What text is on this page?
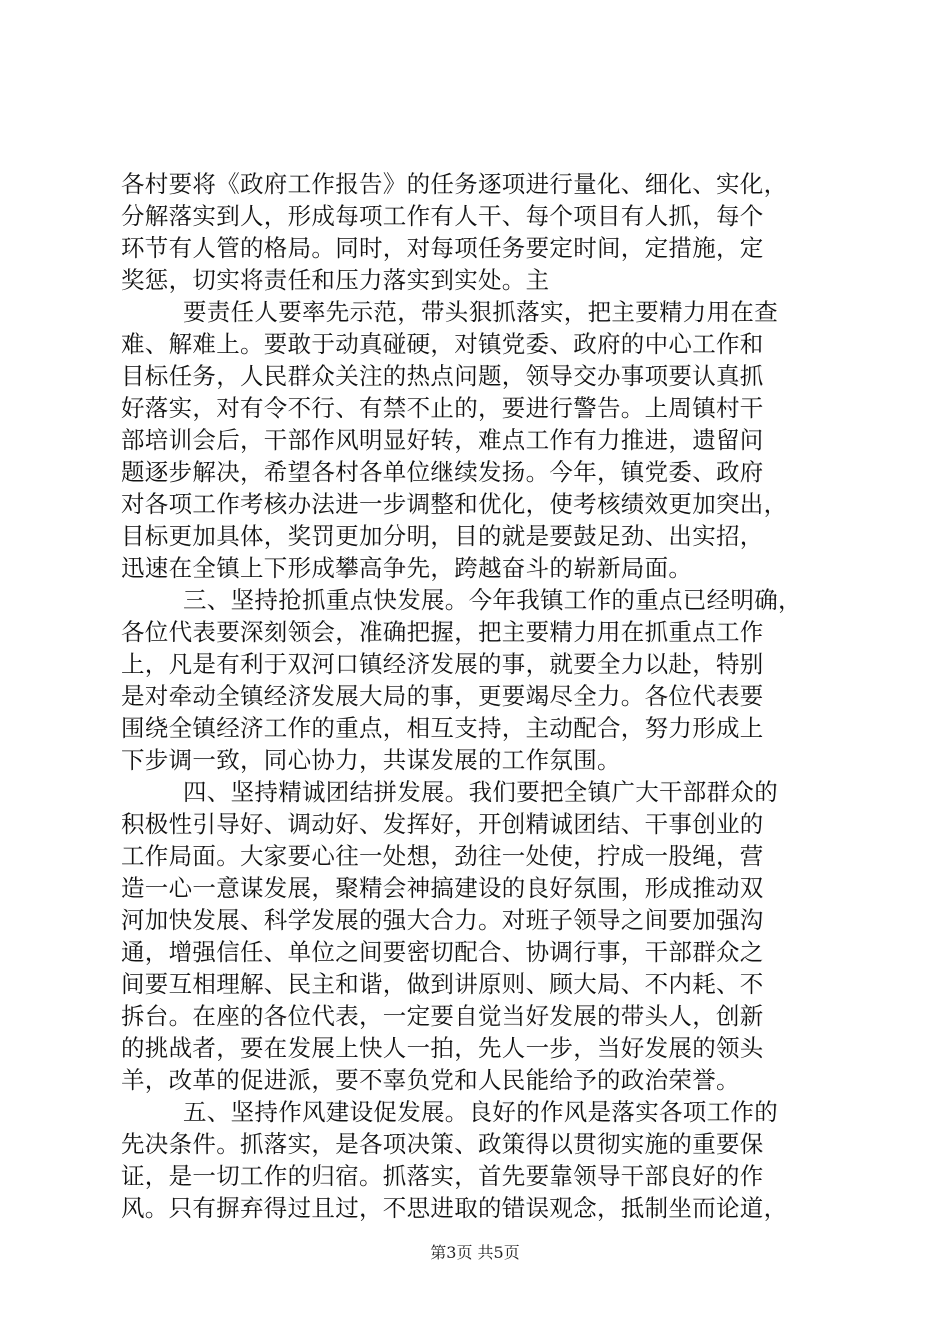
各村要将《政府工作报告》的任务逐项进行量化、细化、实化，
分解落实到人，形成每项工作有人干、每个项目有人抓，每个
环节有人管的格局。同时，对每项任务要定时间，定措施，定
奖惩，切实将责任和压力落实到实处。主
要责任人要率先示范，带头狠抓落实，把主要精力用在查
难、解难上。要敢于动真碰硬，对镇党委、政府的中心工作和
目标任务，人民群众关注的热点问题，领导交办事项要认真抓
好落实，对有令不行、有禁不止的，要进行警告。上周镇村干
部培训会后，干部作风明显好转，难点工作有力推进，遗留问
题逐步解决，希望各村各单位继续发扬。今年，镇党委、政府
对各项工作考核办法进一步调整和优化，使考核绩效更加突出，
目标更加具体，奖罚更加分明，目的就是要鼓足劲、出实招，
迅速在全镇上下形成攀高争先，跨越奋斗的崭新局面。
三、坚持抢抓重点快发展。今年我镇工作的重点已经明确，
各位代表要深刻领会，准确把握，把主要精力用在抓重点工作
上，凡是有利于双河口镇经济发展的事，就要全力以赴，特别
是对牵动全镇经济发展大局的事，更要竭尽全力。各位代表要
围绕全镇经济工作的重点，相互支持，主动配合，努力形成上
下步调一致，同心协力，共谋发展的工作氛围。
四、坚持精诚团结拼发展。我们要把全镇广大干部群众的
积极性引导好、调动好、发挥好，开创精诚团结、干事创业的
工作局面。大家要心往一处想，劲往一处使，拧成一股绳，营
造一心一意谋发展，聚精会神搞建设的良好氛围，形成推动双
河加快发展、科学发展的强大合力。对班子领导之间要加强沟
通，增强信任、单位之间要密切配合、协调行事，干部群众之
间要互相理解、民主和谐，做到讲原则、顾大局、不内耗、不
拆台。在座的各位代表，一定要自觉当好发展的带头人，创新
的挑战者，要在发展上快人一拍，先人一步，当好发展的领头
羊，改革的促进派，要不辜负党和人民能给予的政治荣誉。
五、坚持作风建设促发展。良好的作风是落实各项工作的
先决条件。抓落实，是各项决策、政策得以贯彻实施的重要保
证，是一切工作的归宿。抓落实，首先要靠领导干部良好的作
风。只有摒弃得过且过，不思进取的错误观念，抵制坐而论道，
第3页 共5页
